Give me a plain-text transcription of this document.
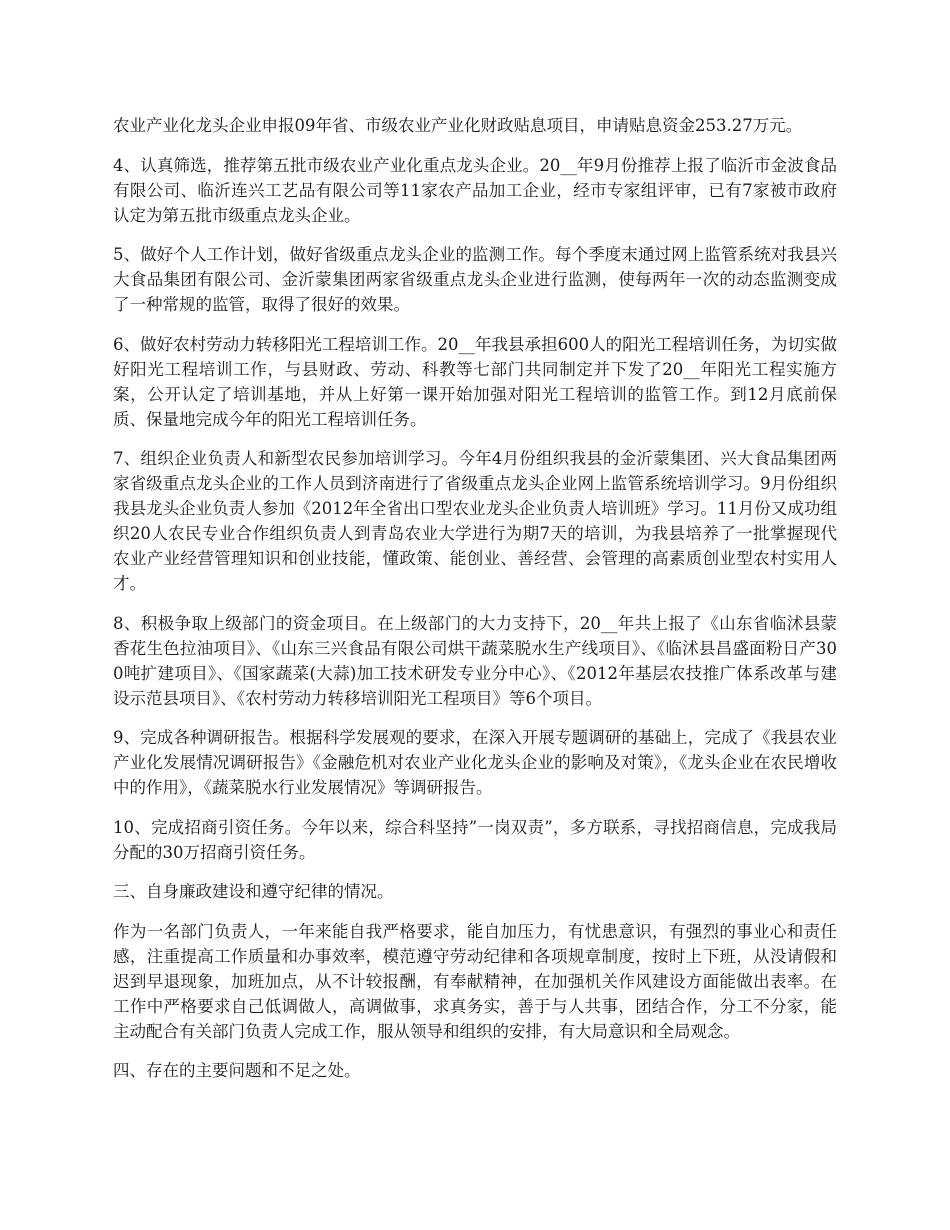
农业产业化龙头企业申报09年省、市级农业产业化财政贴息项目，申请贴息资金253.27万元。

4、认真筛选，推荐第五批市级农业产业化重点龙头企业。20__年9月份推荐上报了临沂市金波食品有限公司、临沂连兴工艺品有限公司等11家农产品加工企业，经市专家组评审，已有7家被市政府认定为第五批市级重点龙头企业。

5、做好个人工作计划，做好省级重点龙头企业的监测工作。每个季度末通过网上监管系统对我县兴大食品集团有限公司、金沂蒙集团两家省级重点龙头企业进行监测，使每两年一次的动态监测变成了一种常规的监管，取得了很好的效果。

6、做好农村劳动力转移阳光工程培训工作。20__年我县承担600人的阳光工程培训任务，为切实做好阳光工程培训工作，与县财政、劳动、科教等七部门共同制定并下发了20__年阳光工程实施方案，公开认定了培训基地，并从上好第一课开始加强对阳光工程培训的监管工作。到12月底前保质、保量地完成今年的阳光工程培训任务。

7、组织企业负责人和新型农民参加培训学习。今年4月份组织我县的金沂蒙集团、兴大食品集团两家省级重点龙头企业的工作人员到济南进行了省级重点龙头企业网上监管系统培训学习。9月份组织我县龙头企业负责人参加《2012年全省出口型农业龙头企业负责人培训班》学习。11月份又成功组织20人农民专业合作组织负责人到青岛农业大学进行为期7天的培训，为我县培养了一批掌握现代农业产业经营管理知识和创业技能，懂政策、能创业、善经营、会管理的高素质创业型农村实用人才。

8、积极争取上级部门的资金项目。在上级部门的大力支持下，20__年共上报了《山东省临沭县蒙香花生色拉油项目》、《山东三兴食品有限公司烘干蔬菜脱水生产线项目》、《临沭县昌盛面粉日产300吨扩建项目》、《国家蔬菜(大蒜)加工技术研发专业分中心》、《2012年基层农技推广体系改革与建设示范县项目》、《农村劳动力转移培训阳光工程项目》等6个项目。

9、完成各种调研报告。根据科学发展观的要求，在深入开展专题调研的基础上，完成了《我县农业产业化发展情况调研报告》《金融危机对农业产业化龙头企业的影响及对策》，《龙头企业在农民增收中的作用》，《蔬菜脱水行业发展情况》等调研报告。

10、完成招商引资任务。今年以来，综合科坚持”一岗双责”，多方联系，寻找招商信息，完成我局分配的30万招商引资任务。

三、自身廉政建设和遵守纪律的情况。

作为一名部门负责人，一年来能自我严格要求，能自加压力，有忧患意识，有强烈的事业心和责任感，注重提高工作质量和办事效率，模范遵守劳动纪律和各项规章制度，按时上下班，从没请假和迟到早退现象，加班加点，从不计较报酬，有奉献精神，在加强机关作风建设方面能做出表率。在工作中严格要求自己低调做人，高调做事，求真务实，善于与人共事，团结合作，分工不分家，能主动配合有关部门负责人完成工作，服从领导和组织的安排，有大局意识和全局观念。

四、存在的主要问题和不足之处。
